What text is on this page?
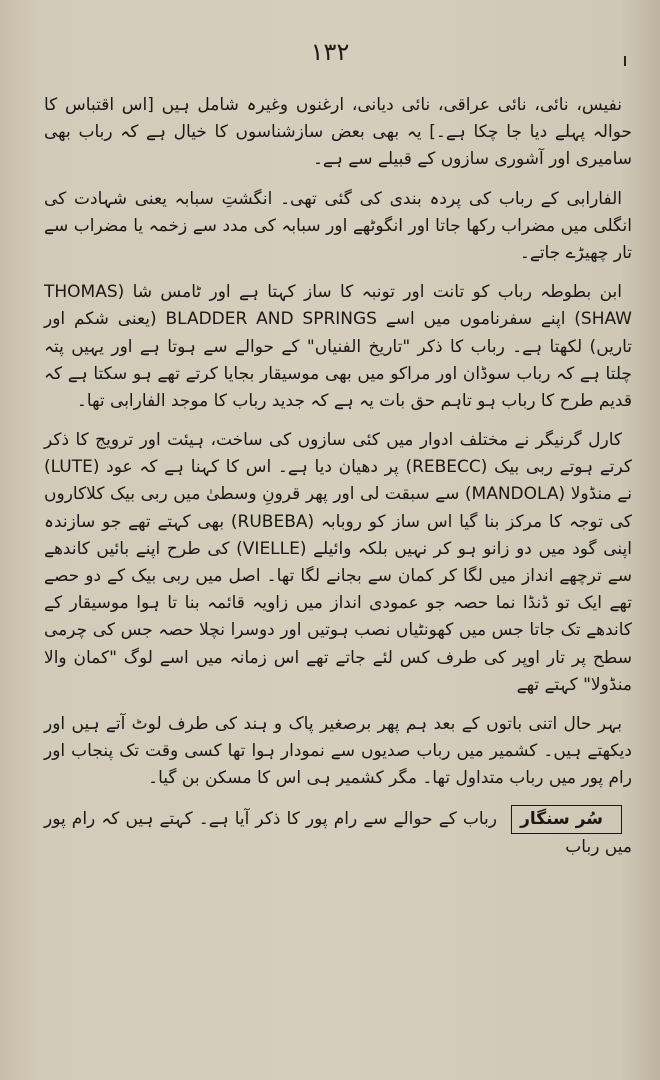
۱۳۲

نفیس، نائی، نائی عراقی، نائی دیانی، ارغنوں وغیرہ شامل ہیں [اس اقتباس کا حوالہ پہلے دیا جا چکا ہے۔] یہ بھی بعض سازشناسوں کا خیال ہے کہ رباب بھی سامیری اور آشوری سازوں کے قبیلے سے ہے۔

الفارابی کے رباب کی پردہ بندی کی گئی تھی۔ انگشتِ سبابہ یعنی شہادت کی انگلی میں مضراب رکھا جاتا اور انگوٹھے اور سبابہ کی مدد سے زخمہ یا مضراب سے تار چھیڑے جاتے۔

ابن بطوطہ رباب کو تانت اور تونبہ کا ساز کہتا ہے اور ٹامس شا (THOMAS SHAW) اپنے سفرناموں میں اسے BLADDER AND SPRINGS (یعنی شکم اور تاریں) لکھتا ہے۔ رباب کا ذکر "تاریخ الفنیاں" کے حوالے سے ہوتا ہے اور یہیں پتہ چلتا ہے کہ رباب سوڈان اور مراکو میں بھی موسیقار بجایا کرتے تھے ہو سکتا ہے کہ قدیم طرح کا رباب ہو تاہم حق بات یہ ہے کہ جدید رباب کا موجد الفارابی تھا۔

کارل گرنیگر نے مختلف ادوار میں کئی سازوں کی ساخت، ہیئت اور ترویج کا ذکر کرتے ہوتے ربی بیک (REBECC) پر دھیان دیا ہے۔ اس کا کہنا ہے کہ عود (LUTE) نے منڈولا (MANDOLA) سے سبقت لی اور پھر قرونِ وسطیٰ میں ربی بیک کلاکاروں کی توجہ کا مرکز بنا گیا اس ساز کو روبابہ (RUBEBA) بھی کہتے تھے جو سازندہ اپنی گود میں دو زانو ہو کر نہیں بلکہ وائیلے (VIELLE) کی طرح اپنے بائیں کاندھے سے ترچھے انداز میں لگا کر کمان سے بجانے لگا تھا۔ اصل میں ربی بیک کے دو حصے تھے ایک تو ڈنڈا نما حصہ جو عمودی انداز میں زاویہ قائمہ بنا تا ہوا موسیقار کے کاندھے تک جاتا جس میں کھونٹیاں نصب ہوتیں اور دوسرا نچلا حصہ جس کی چرمی سطح پر تار اوپر کی طرف کس لئے جاتے تھے اس زمانہ میں اسے لوگ "کمان والا منڈولا" کہتے تھے

بہر حال اتنی باتوں کے بعد ہم پھر برصغیر پاک و ہند کی طرف لوٹ آتے ہیں اور دیکھتے ہیں۔ کشمیر میں رباب صدیوں سے نمودار ہوا تھا کسی وقت تک پنجاب اور رام پور میں رباب متداول تھا۔ مگر کشمیر ہی اس کا مسکن بن گیا۔

سُر سنگار رباب کے حوالے سے رام پور کا ذکر آیا ہے۔ کہتے ہیں کہ رام پور میں رباب
